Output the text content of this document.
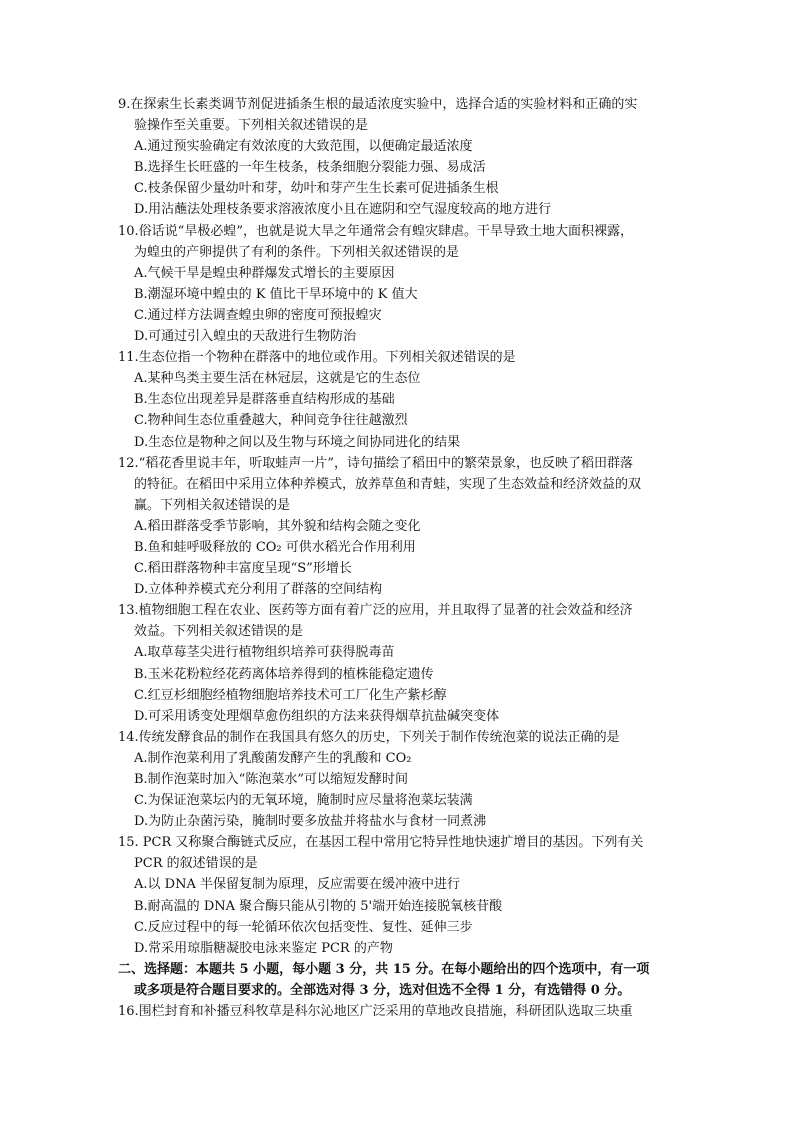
9.在探索生长素类调节剂促进插条生根的最适浓度实验中，选择合适的实验材料和正确的实
验操作至关重要。下列相关叙述错误的是
A.通过预实验确定有效浓度的大致范围，以便确定最适浓度
B.选择生长旺盛的一年生枝条，枝条细胞分裂能力强、易成活
C.枝条保留少量幼叶和芽，幼叶和芽产生生长素可促进插条生根
D.用沾蘸法处理枝条要求溶液浓度小且在遮阴和空气湿度较高的地方进行
10.俗话说“旱极必蝗”，也就是说大旱之年通常会有蝗灾肆虐。干旱导致土地大面积裸露，
为蝗虫的产卵提供了有利的条件。下列相关叙述错误的是
A.气候干旱是蝗虫种群爆发式增长的主要原因
B.潮湿环境中蝗虫的 K 值比干旱环境中的 K 值大
C.通过样方法调查蝗虫卵的密度可预报蝗灾
D.可通过引入蝗虫的天敌进行生物防治
11.生态位指一个物种在群落中的地位或作用。下列相关叙述错误的是
A.某种鸟类主要生活在林冠层，这就是它的生态位
B.生态位出现差异是群落垂直结构形成的基础
C.物种间生态位重叠越大，种间竞争往往越激烈
D.生态位是物种之间以及生物与环境之间协同进化的结果
12.“稻花香里说丰年，听取蛙声一片”，诗句描绘了稻田中的繁荣景象，也反映了稻田群落
的特征。在稻田中采用立体种养模式，放养草鱼和青蛙，实现了生态效益和经济效益的双
赢。下列相关叙述错误的是
A.稻田群落受季节影响，其外貌和结构会随之变化
B.鱼和蛙呼吸释放的 CO₂ 可供水稻光合作用利用
C.稻田群落物种丰富度呈现“S”形增长
D.立体种养模式充分利用了群落的空间结构
13.植物细胞工程在农业、医药等方面有着广泛的应用，并且取得了显著的社会效益和经济
效益。下列相关叙述错误的是
A.取草莓茎尖进行植物组织培养可获得脱毒苗
B.玉米花粉粒经花药离体培养得到的植株能稳定遗传
C.红豆杉细胞经植物细胞培养技术可工厂化生产紫杉醇
D.可采用诱变处理烟草愈伤组织的方法来获得烟草抗盐碱突变体
14.传统发酵食品的制作在我国具有悠久的历史，下列关于制作传统泡菜的说法正确的是
A.制作泡菜利用了乳酸菌发酵产生的乳酸和 CO₂
B.制作泡菜时加入“陈泡菜水”可以缩短发酵时间
C.为保证泡菜坛内的无氧环境，腌制时应尽量将泡菜坛装满
D.为防止杂菌污染，腌制时要多放盐并将盐水与食材一同煮沸
15. PCR 又称聚合酶链式反应，在基因工程中常用它特异性地快速扩增目的基因。下列有关
PCR 的叙述错误的是
A.以 DNA 半保留复制为原理，反应需要在缓冲液中进行
B.耐高温的 DNA 聚合酶只能从引物的 5'端开始连接脱氧核苷酸
C.反应过程中的每一轮循环依次包括变性、复性、延伸三步
D.常采用琼脂糖凝胶电泳来鉴定 PCR 的产物
二、选择题：本题共 5 小题，每小题 3 分，共 15 分。在每小题给出的四个选项中，有一项
或多项是符合题目要求的。全部选对得 3 分，选对但选不全得 1 分，有选错得 0 分。
16.围栏封育和补播豆科牧草是科尔沁地区广泛采用的草地改良措施，科研团队选取三块重
